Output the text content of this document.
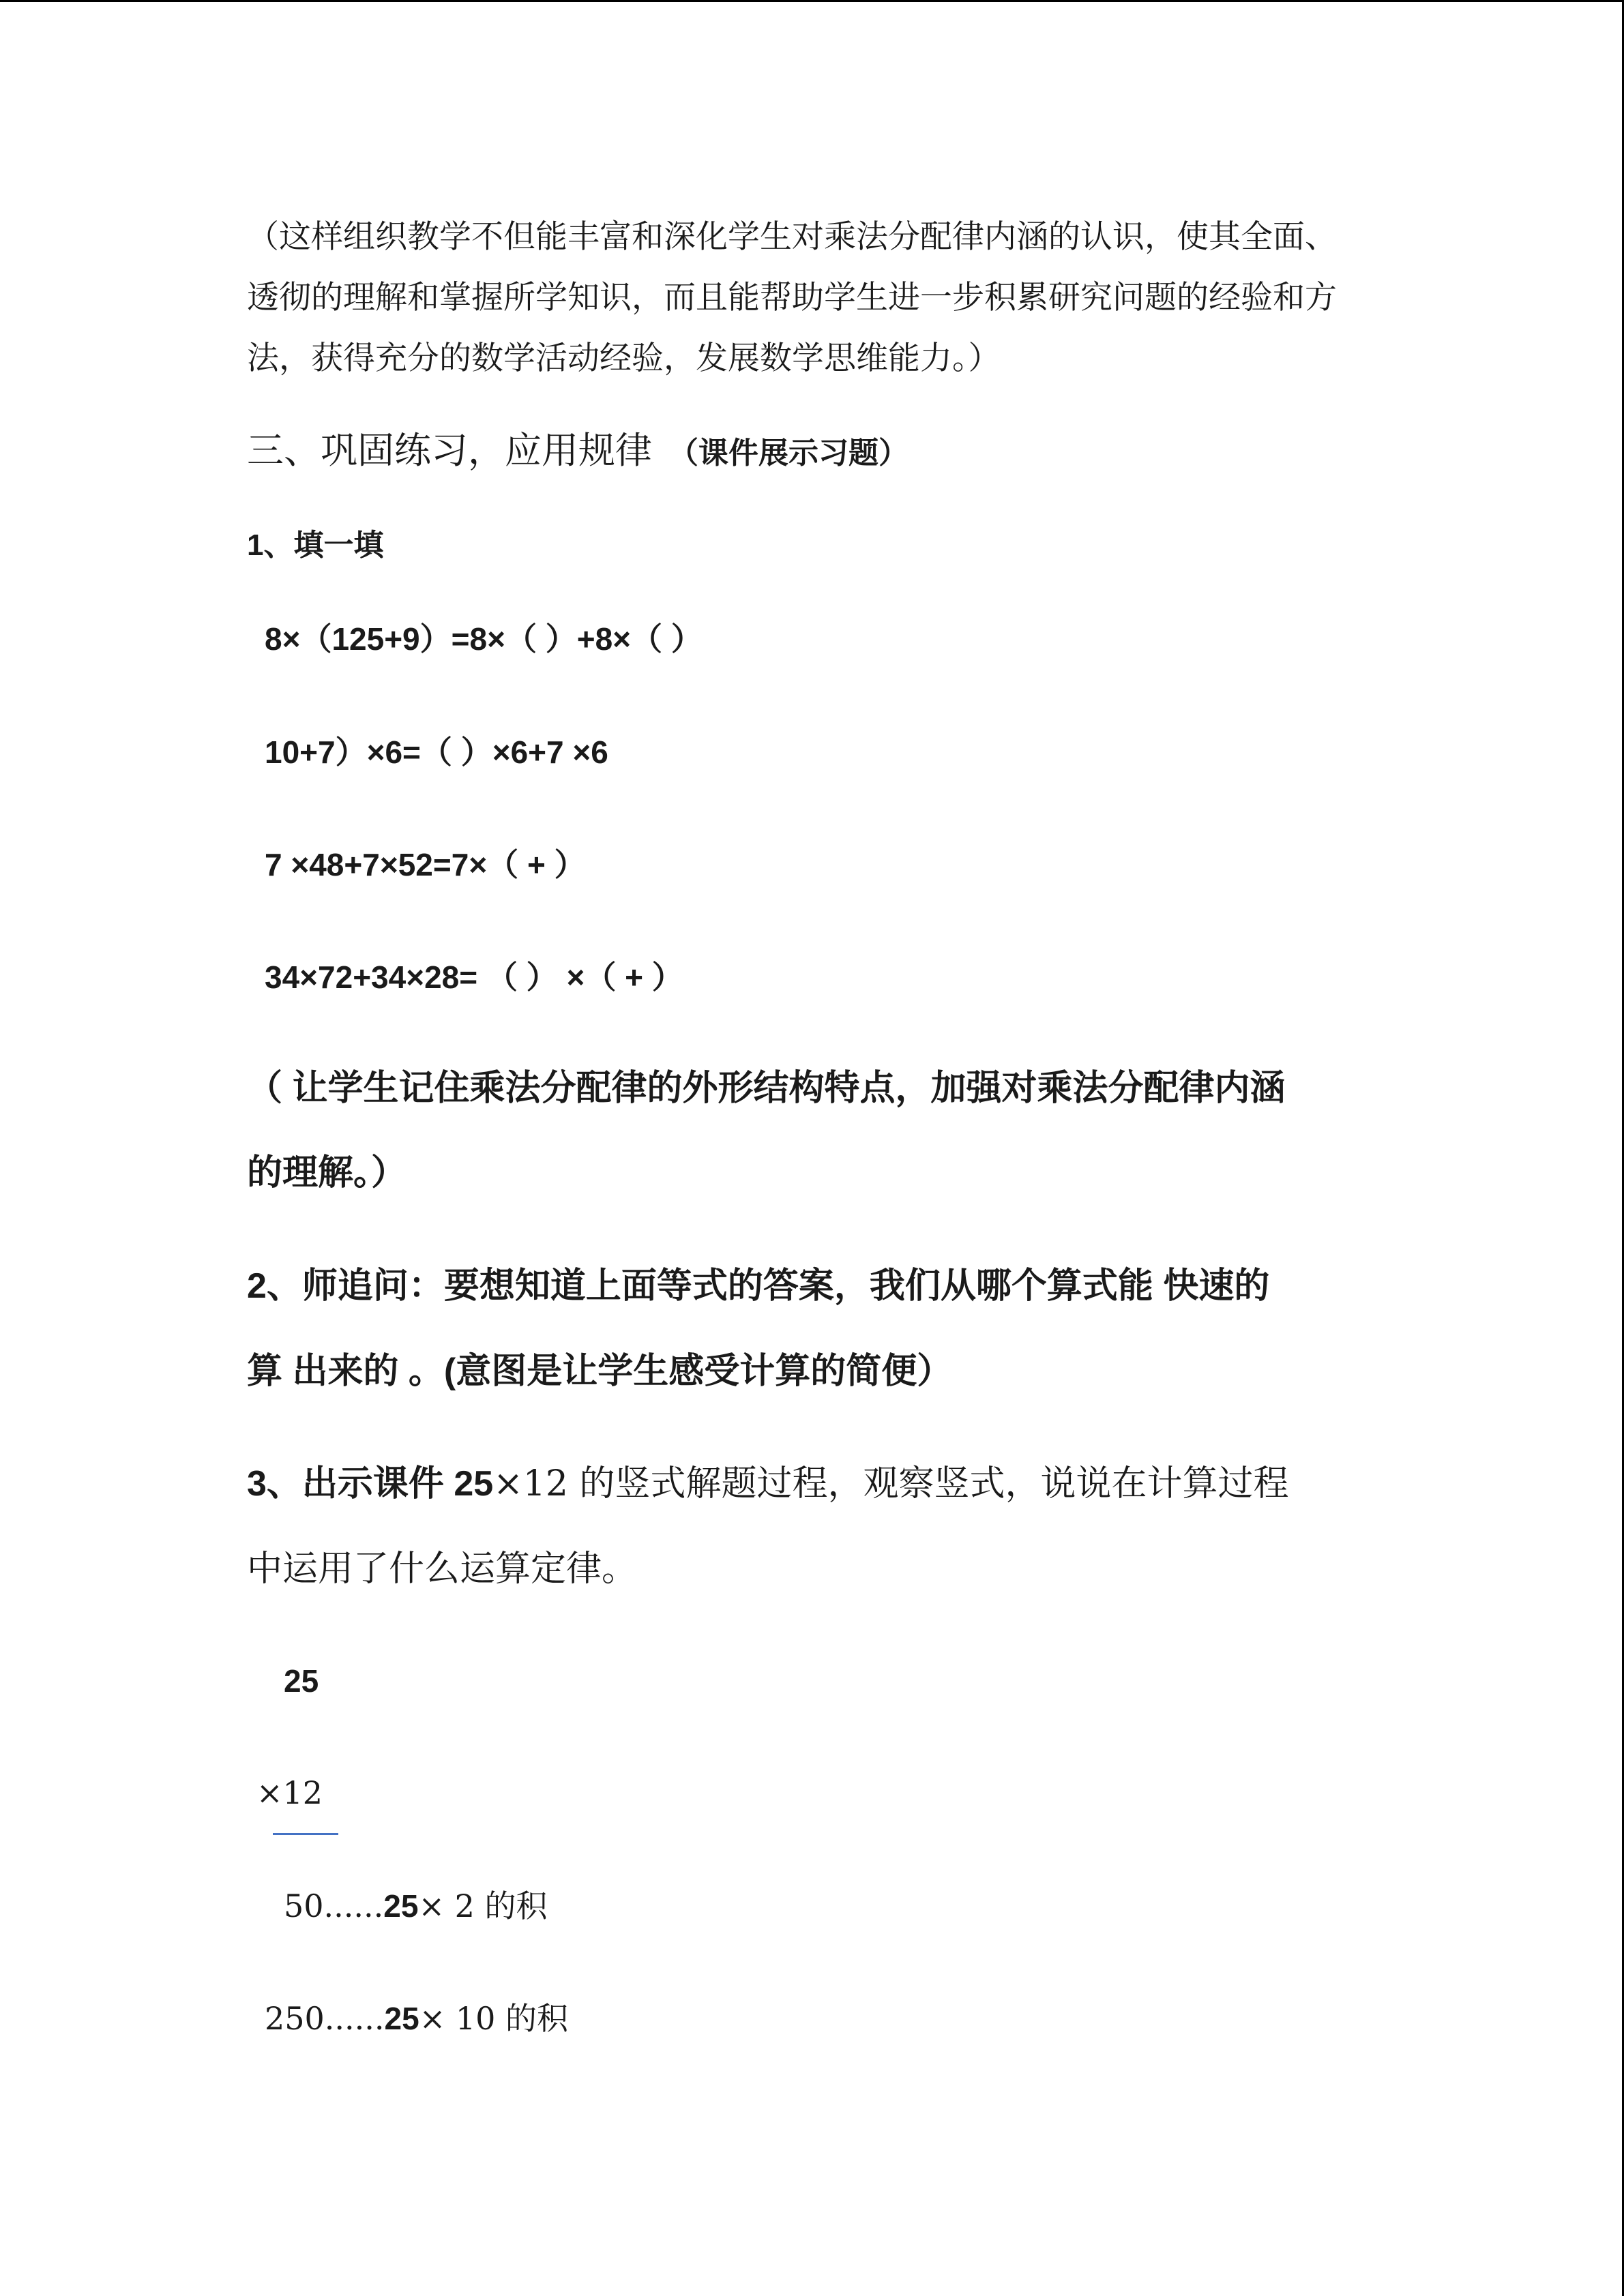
（这样组织教学不但能丰富和深化学生对乘法分配律内涵的认识，使其全面、
透彻的理解和掌握所学知识，而且能帮助学生进一步积累研究问题的经验和方
法，获得充分的数学活动经验，发展数学思维能力。）
三、巩固练习，应用规律 （课件展示习题）
1、填一填
8×（125+9）=8×（ ）+8×（ ）
10+7）×6=（ ）×6+7 ×6
7 ×48+7×52=7×（ + ）
34×72+34×28= （ ） ×（ + ）
（ 让学生记住乘法分配律的外形结构特点，加强对乘法分配律内涵
的理解。）
2、师追问：要想知道上面等式的答案，我们从哪个算式能 快速的
算 出来的 。(意图是让学生感受计算的简便）
3、出示课件 25×12 的竖式解题过程，观察竖式，说说在计算过程
中运用了什么运算定律。
25
×12
50......25× 2 的积
250......25× 10 的积
